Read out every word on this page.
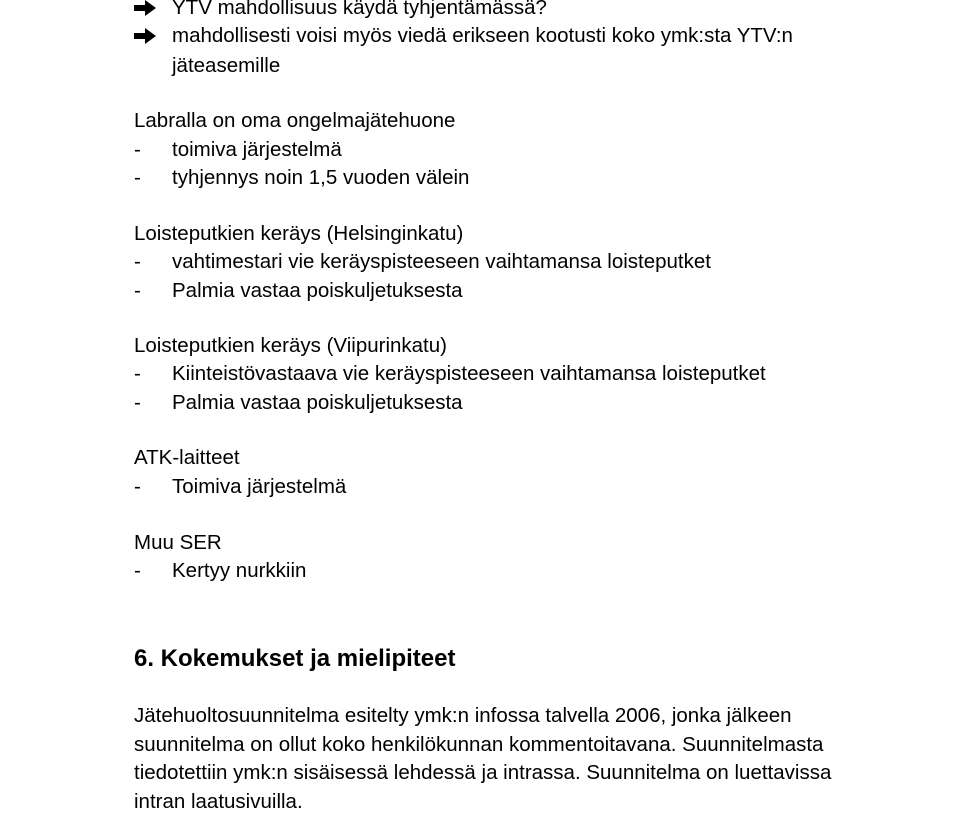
YTV mahdollisuus käydä tyhjentämässä?
mahdollisesti voisi myös viedä erikseen kootusti koko ymk:sta YTV:n
jäteasemille
Labralla on oma ongelmajätehuone
- toimiva järjestelmä
- tyhjennys noin 1,5 vuoden välein
Loisteputkien keräys (Helsinginkatu)
- vahtimestari vie keräyspisteeseen vaihtamansa loisteputket
- Palmia vastaa poiskuljetuksesta
Loisteputkien keräys (Viipurinkatu)
- Kiinteistövastaava vie keräyspisteeseen vaihtamansa loisteputket
- Palmia vastaa poiskuljetuksesta
ATK-laitteet
- Toimiva järjestelmä
Muu SER
- Kertyy nurkkiin
6. Kokemukset ja mielipiteet
Jätehuoltosuunnitelma esitelty ymk:n infossa talvella 2006, jonka jälkeen
suunnitelma on ollut koko henkilökunnan kommentoitavana. Suunnitelmasta
tiedotettiin ymk:n sisäisessä lehdessä ja intrassa. Suunnitelma on luettavissa
intran laatusivuilla.
